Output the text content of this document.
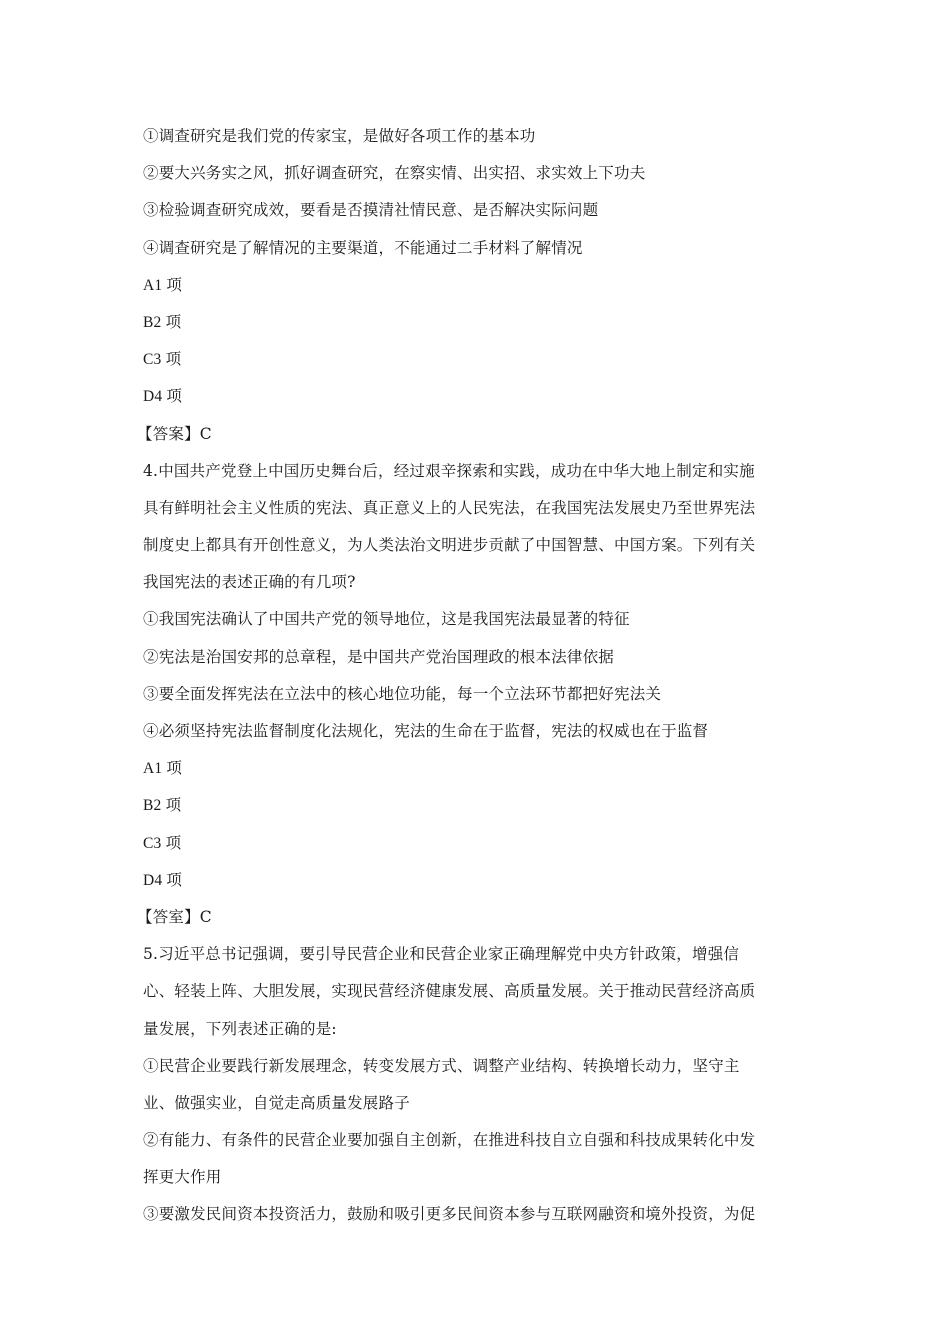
①调查研究是我们党的传家宝，是做好各项工作的基本功
②要大兴务实之风，抓好调查研究，在察实情、出实招、求实效上下功夫
③检验调查研究成效，要看是否摸清社情民意、是否解决实际问题
④调查研究是了解情况的主要渠道，不能通过二手材料了解情况
A1 项
B2 项
C3 项
D4 项
【答案】C
4.中国共产党登上中国历史舞台后，经过艰辛探索和实践，成功在中华大地上制定和实施
具有鲜明社会主义性质的宪法、真正意义上的人民宪法，在我国宪法发展史乃至世界宪法
制度史上都具有开创性意义，为人类法治文明进步贡献了中国智慧、中国方案。下列有关
我国宪法的表述正确的有几项?
①我国宪法确认了中国共产党的领导地位，这是我国宪法最显著的特征
②宪法是治国安邦的总章程，是中国共产党治国理政的根本法律依据
③要全面发挥宪法在立法中的核心地位功能，每一个立法环节都把好宪法关
④必须坚持宪法监督制度化法规化，宪法的生命在于监督，宪法的权威也在于监督
A1 项
B2 项
C3 项
D4 项
【答室】C
5.习近平总书记强调，要引导民营企业和民营企业家正确理解党中央方针政策，增强信
心、轻装上阵、大胆发展，实现民营经济健康发展、高质量发展。关于推动民营经济高质
量发展，下列表述正确的是:
①民营企业要践行新发展理念，转变发展方式、调整产业结构、转换增长动力，坚守主
业、做强实业，自觉走高质量发展路子
②有能力、有条件的民营企业要加强自主创新，在推进科技自立自强和科技成果转化中发
挥更大作用
③要激发民间资本投资活力，鼓励和吸引更多民间资本参与互联网融资和境外投资，为促
